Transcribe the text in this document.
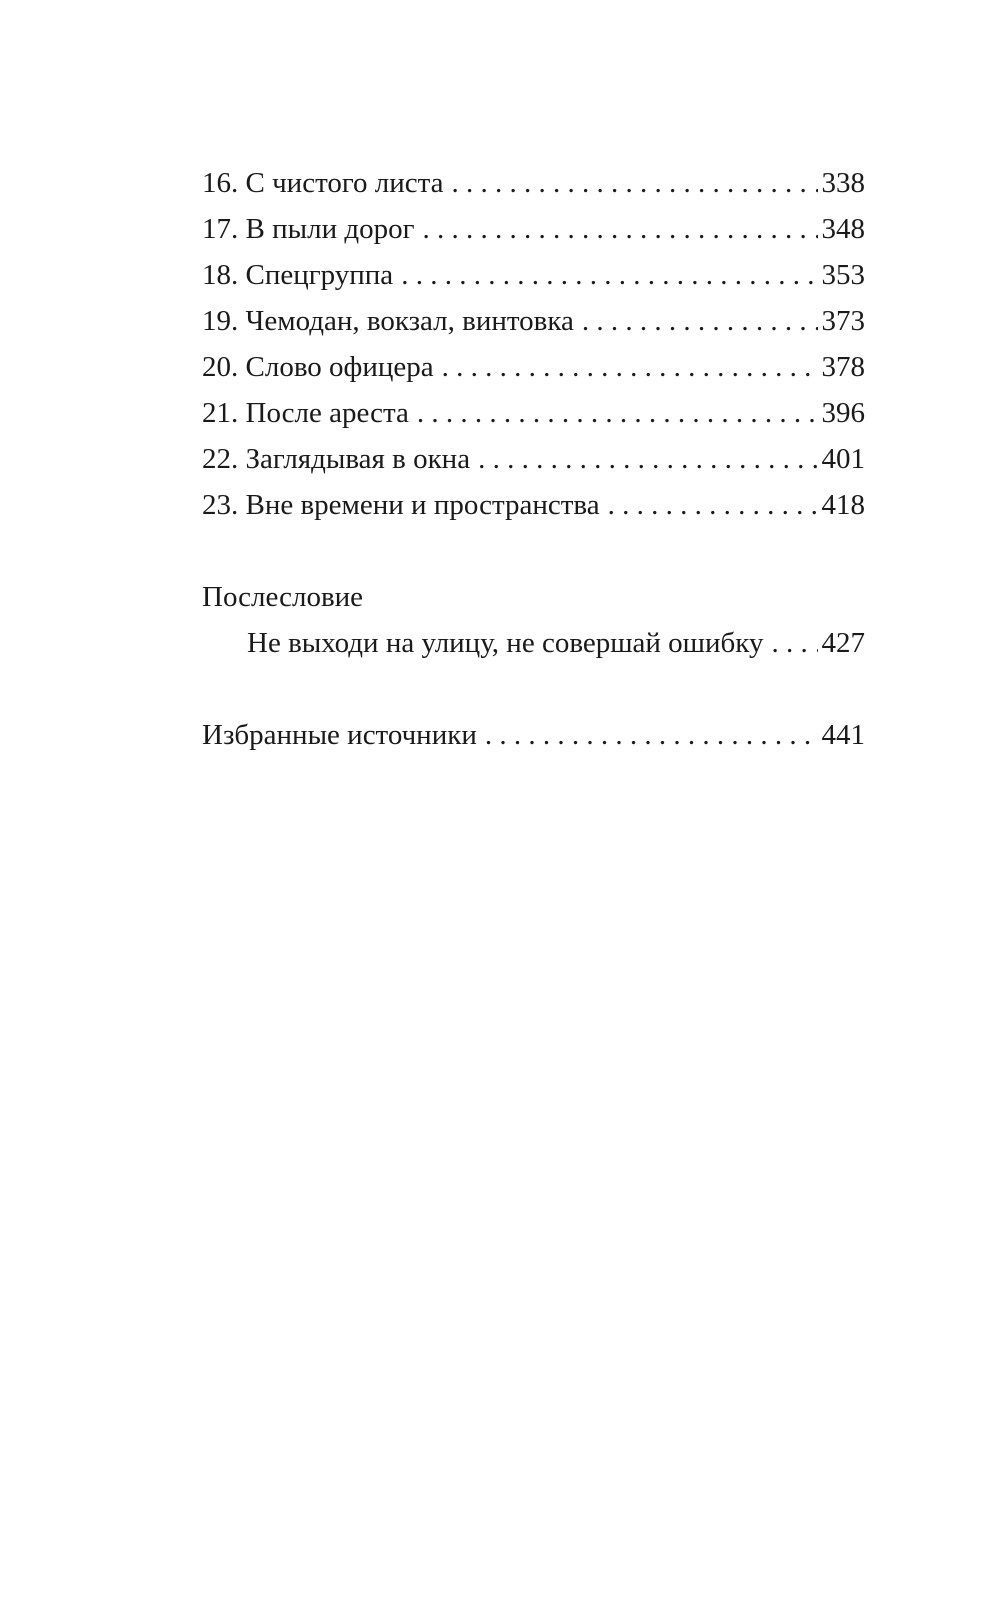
16. С чистого листа . . .	338
17. В пыли дорог . . .	348
18. Спецгруппа . . .	353
19. Чемодан, вокзал, винтовка . . .	373
20. Слово офицера . . .	378
21. После ареста . . .	396
22. Заглядывая в окна . . .	401
23. Вне времени и пространства . . .	418
Послесловие
Не выходи на улицу, не совершай ошибку . . . 427
Избранные источники . . .	441
